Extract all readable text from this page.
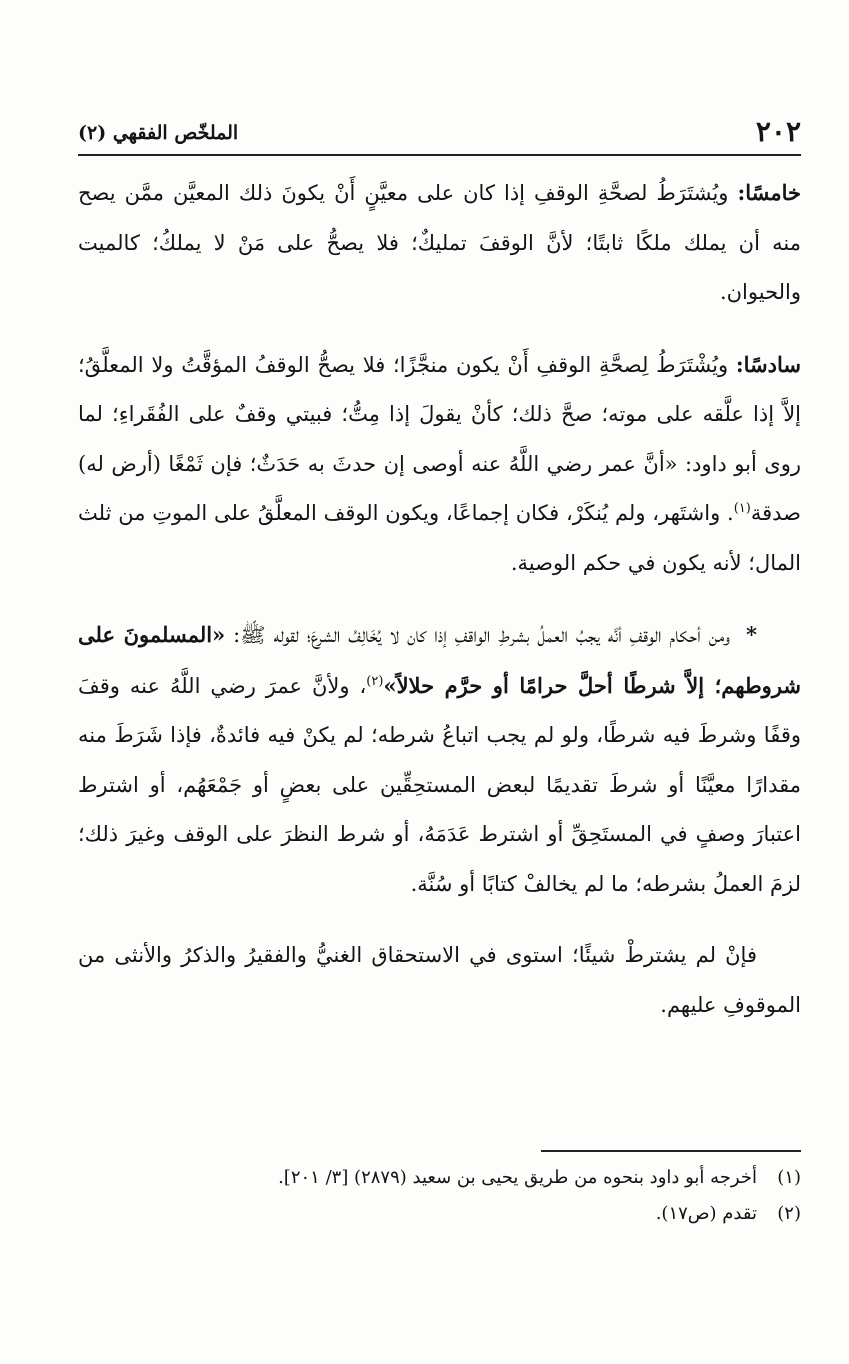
٢٠٢
الملخّص الفقهي (٢)

خامسًا: ويُشتَرَطُ لصحَّةِ الوقفِ إذا كان على معيَّنٍ أَنْ يكونَ ذلك المعيَّن ممَّن يصح منه أن يملك ملكًا ثابتًا؛ لأنَّ الوقفَ تمليكٌ؛ فلا يصحُّ على مَنْ لا يملكُ؛ كالميت والحيوان.

سادسًا: ويُشْتَرَطُ لِصحَّةِ الوقفِ أَنْ يكون منجَّزًا؛ فلا يصحُّ الوقفُ المؤقَّتُ ولا المعلَّقُ؛ إلاَّ إذا علَّقه على موته؛ صحَّ ذلك؛ كأنْ يقولَ إذا مِتُّ؛ فبيتي وقفٌ على الفُقَراءِ؛ لما روى أبو داود: «أنَّ عمر رضي اللَّهُ عنه أوصى إن حدثَ به حَدَثٌ؛ فإن ثَمْغًا (أرض له) صدقة$^{(١)}$. واشتَهر، ولم يُنكَرْ، فكان إجماعًا، ويكون الوقف المعلَّقُ على الموتِ من ثلث المال؛ لأنه يكون في حكم الوصية.

* ومن أحكام الوقفِ أنَّه يجبُ العملُ بشرطِ الواقفِ إذا كان لا يُخَالِفُ الشرعَ؛ لقوله ﷺ: «المسلمونَ على شروطهم؛ إلاَّ شرطًا أحلَّ حرامًا أو حرَّم حلالاً»$^{(٢)}$، ولأنَّ عمرَ رضي اللَّهُ عنه وقفَ وقفًا وشرطَ فيه شرطًا، ولو لم يجب اتباعُ شرطه؛ لم يكنْ فيه فائدةٌ، فإذا شَرَطَ منه مقدارًا معيَّنًا أو شرطَ تقديمًا لبعض المستحِقِّين على بعضٍ أو جَمْعَهُم، أو اشترط اعتبارَ وصفٍ في المستَحِقِّ أو اشترط عَدَمَهُ، أو شرط النظرَ على الوقف وغيرَ ذلك؛ لزمَ العملُ بشرطه؛ ما لم يخالفْ كتابًا أو سُنَّة.

فإنْ لم يشترطْ شيئًا؛ استوى في الاستحقاق الغنيُّ والفقيرُ والذكرُ والأنثى من الموقوفِ عليهم.

(١)
أخرجه أبو داود بنحوه من طريق يحيى بن سعيد (٢٨٧٩) [٣/ ٢٠١].
(٢)
تقدم (ص١٧).
